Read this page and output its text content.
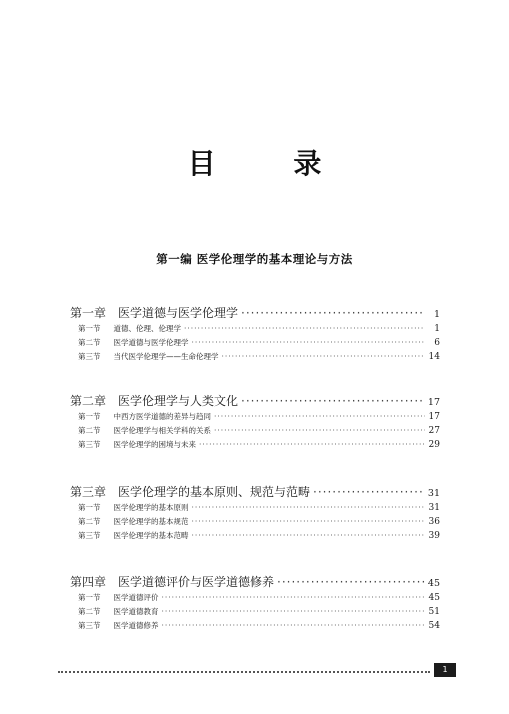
目 录
第一编 医学伦理学的基本理论与方法
第一章 医学道德与医学伦理学 ·····	1
第一节 道德、伦理、伦理学 ·····	1
第二节 医学道德与医学伦理学 ·····	6
第三节 当代医学伦理学——生命伦理学 ·····	14
第二章 医学伦理学与人类文化 ·····	17
第一节 中西方医学道德的差异与趋同 ·····	17
第二节 医学伦理学与相关学科的关系 ·····	27
第三节 医学伦理学的困境与未来 ·····	29
第三章 医学伦理学的基本原则、规范与范畴 ·····	31
第一节 医学伦理学的基本原则 ·····	31
第二节 医学伦理学的基本规范 ·····	36
第三节 医学伦理学的基本范畴 ·····	39
第四章 医学道德评价与医学道德修养 ·····	45
第一节 医学道德评价 ·····	45
第二节 医学道德教育 ·····	51
第三节 医学道德修养 ·····	54
1
